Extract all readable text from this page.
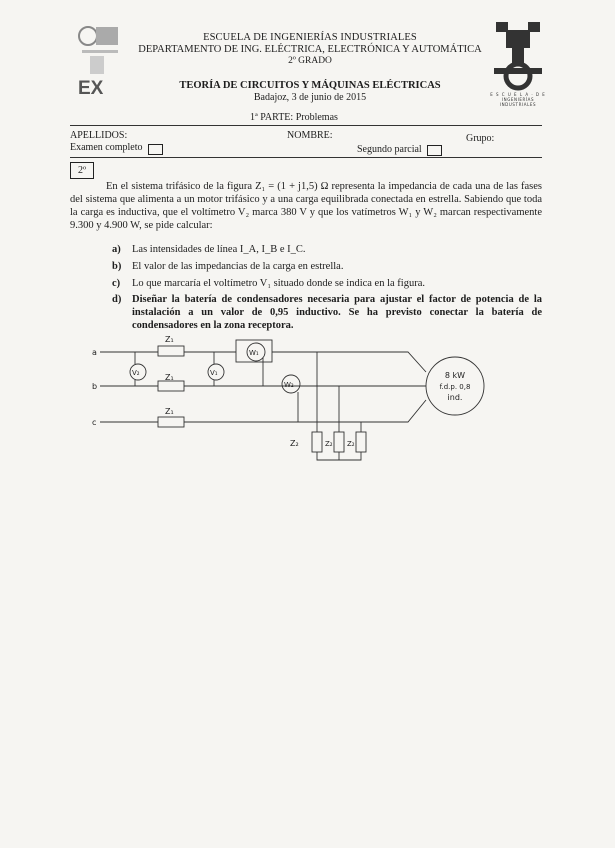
EX	E S C U E L A · D E
INGENIERÍAS
INDUSTRIALES
ESCUELA DE INGENIERÍAS INDUSTRIALES
DEPARTAMENTO DE ING. ELÉCTRICA, ELECTRÓNICA Y AUTOMÁTICA
2º GRADO
TEORÍA DE CIRCUITOS Y MÁQUINAS ELÉCTRICAS
Badajoz, 3 de junio de 2015
1ª PARTE: Problemas
APELLIDOS:	NOMBRE:	Grupo:
Examen completo	Segundo parcial
2º

En el sistema trifásico de la figura Z₁ = (1 + j1,5) Ω representa la impedancia de cada una de las fases del sistema que alimenta a un motor trifásico y a una carga equilibrada conectada en estrella. Sabiendo que toda la carga es inductiva, que el voltímetro V₂ marca 380 V y que los vatímetros W₁ y W₂ marcan respectivamente 9.300 y 4.900 W, se pide calcular:

a)	Las intensidades de línea I_A, I_B e I_C.
b)	El valor de las impedancias de la carga en estrella.
c)	Lo que marcaría el voltímetro V₁ situado donde se indica en la figura.
d)	Diseñar la batería de condensadores necesaria para ajustar el factor de potencia de la instalación a un valor de 0,95 inductivo. Se ha previsto conectar la batería de condensadores en la zona receptora.
a
b
c
Z₁
Z₁
Z₁
V₂	V₁
W₁
W₂
Z₂	Z₂ Z₂
8 kW
f.d.p. 0,8
ind.
